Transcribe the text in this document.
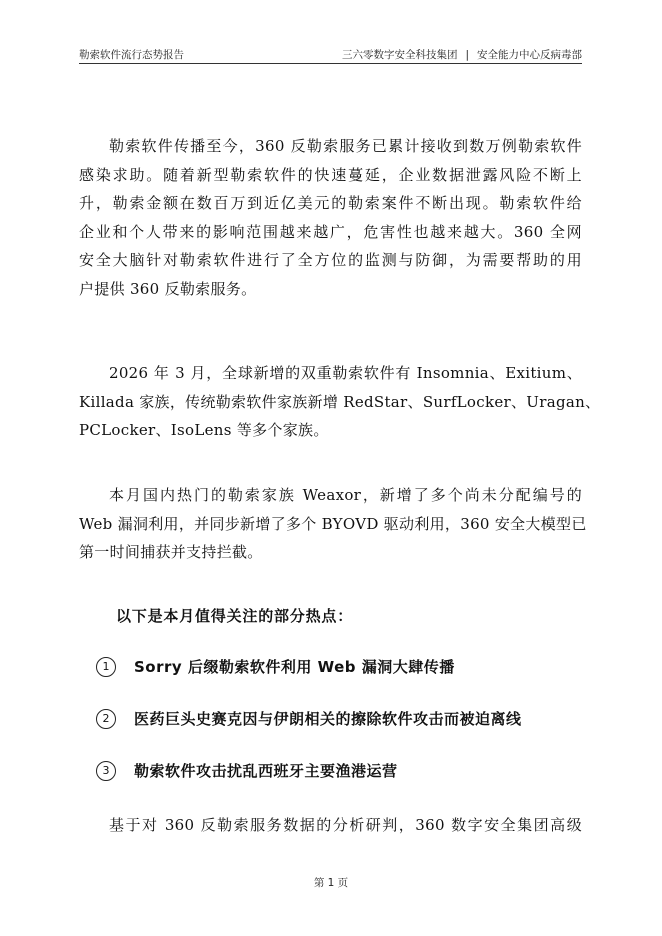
勒索软件流行态势报告	三六零数字安全科技集团 | 安全能力中心反病毒部
勒索软件传播至今，360 反勒索服务已累计接收到数万例勒索软件
感染求助。随着新型勒索软件的快速蔓延，企业数据泄露风险不断上
升，勒索金额在数百万到近亿美元的勒索案件不断出现。勒索软件给
企业和个人带来的影响范围越来越广，危害性也越来越大。360 全网
安全大脑针对勒索软件进行了全方位的监测与防御，为需要帮助的用
户提供 360 反勒索服务。
2026 年 3 月，全球新增的双重勒索软件有 Insomnia、Exitium、
Killada 家族，传统勒索软件家族新增 RedStar、SurfLocker、Uragan、
PCLocker、IsoLens 等多个家族。
本月国内热门的勒索家族 Weaxor，新增了多个尚未分配编号的
Web 漏洞利用，并同步新增了多个 BYOVD 驱动利用，360 安全大模型已
第一时间捕获并支持拦截。
以下是本月值得关注的部分热点：
1 Sorry 后缀勒索软件利用 Web 漏洞大肆传播
2 医药巨头史赛克因与伊朗相关的擦除软件攻击而被迫离线
3 勒索软件攻击扰乱西班牙主要渔港运营
基于对 360 反勒索服务数据的分析研判，360 数字安全集团高级
第 1 页
